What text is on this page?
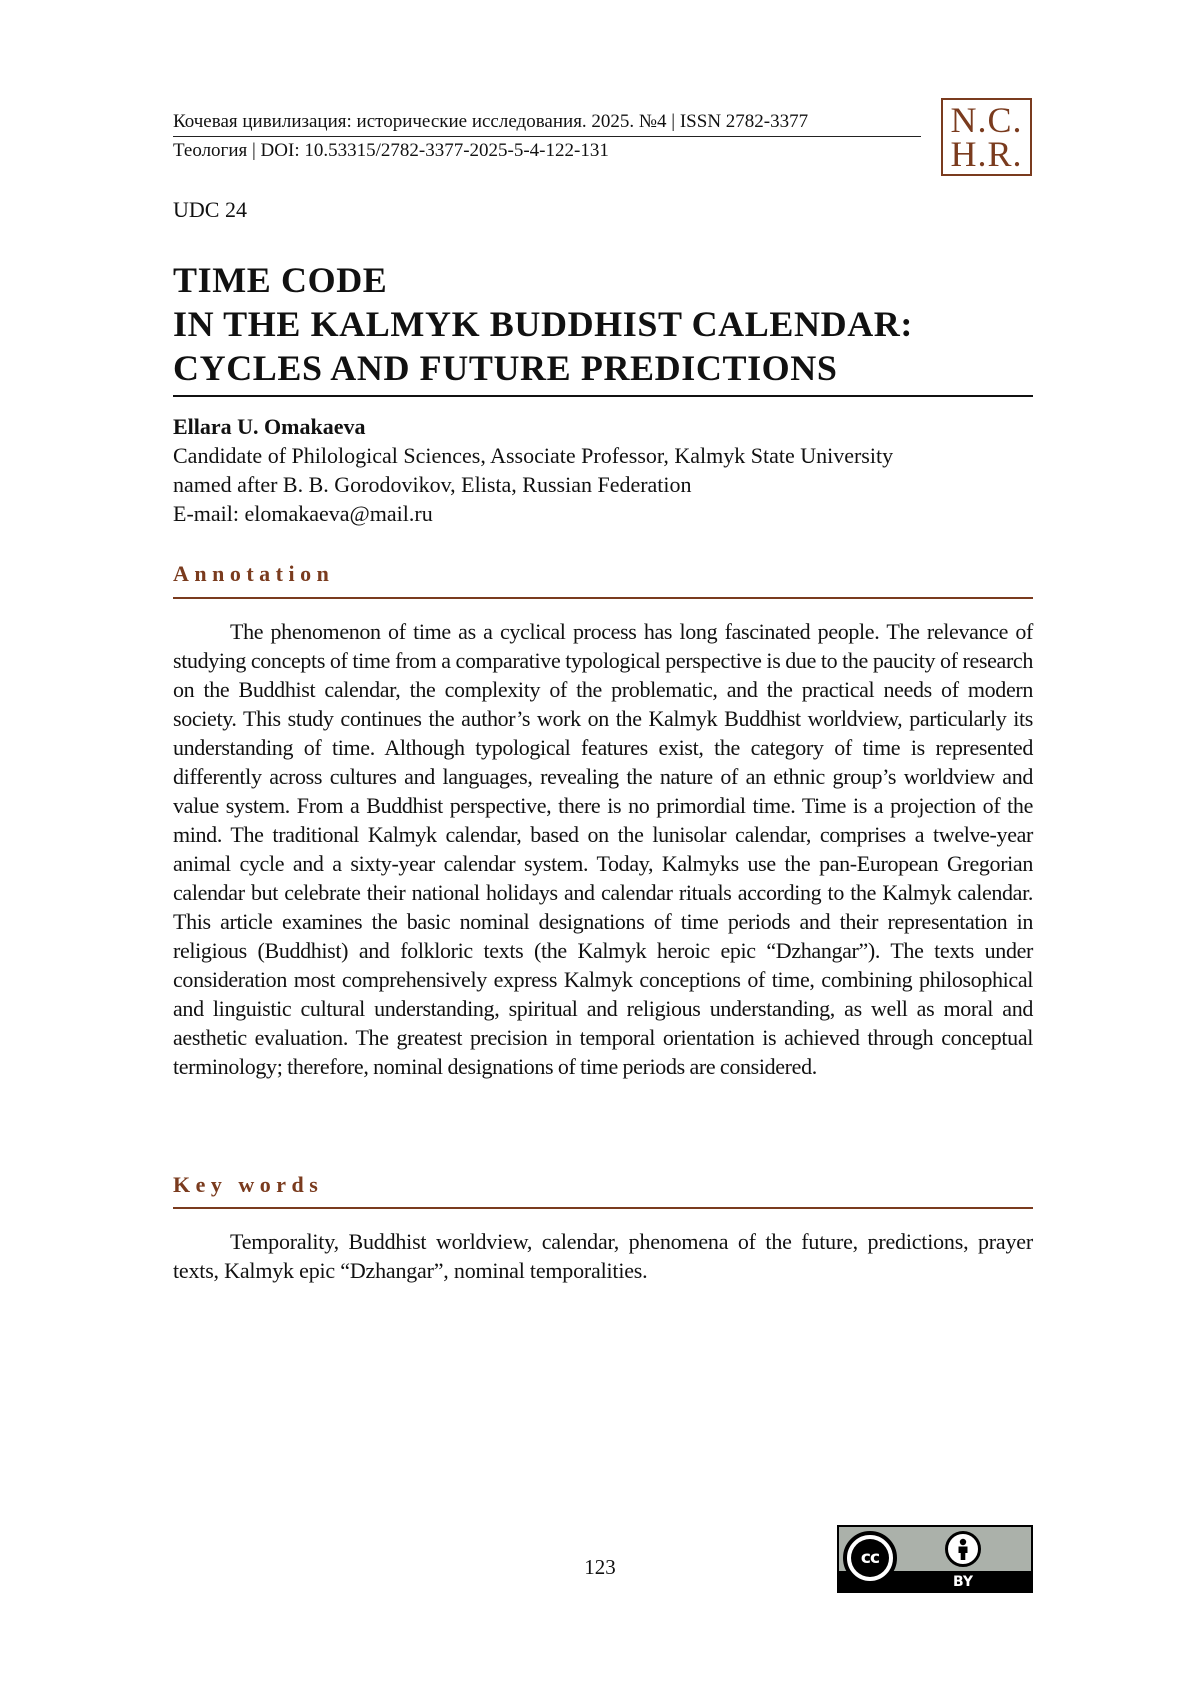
Кочевая цивилизация: исторические исследования. 2025. №4 | ISSN 2782-3377
Теология | DOI: 10.53315/2782-3377-2025-5-4-122-131
N.C.
H.R.
UDC 24
TIME CODE
IN THE KALMYK BUDDHIST CALENDAR:
CYCLES AND FUTURE PREDICTIONS
Ellara U. Omakaeva
Candidate of Philological Sciences, Associate Professor, Kalmyk State University
named after B. B. Gorodovikov, Elista, Russian Federation
E-mail: elomakaeva@mail.ru
Annotation
The phenomenon of time as a cyclical process has long fascinated people. The relevance of studying concepts of time from a comparative typological perspective is due to the paucity of research on the Buddhist calendar, the complexity of the problematic, and the practical needs of modern society. This study continues the author’s work on the Kalmyk Buddhist worldview, particularly its understanding of time. Although typological features exist, the category of time is represented differently across cultures and languages, revealing the nature of an ethnic group’s worldview and value system. From a Buddhist perspective, there is no primordial time. Time is a projection of the mind. The traditional Kalmyk calendar, based on the lunisolar calendar, comprises a twelve-year animal cycle and a sixty-year calendar system. Today, Kalmyks use the pan-European Gregorian calendar but celebrate their national holidays and calendar rituals according to the Kalmyk calendar. This article examines the basic nominal designations of time periods and their representation in religious (Buddhist) and folkloric texts (the Kalmyk heroic epic “Dzhangar”). The texts under consideration most comprehensively express Kalmyk conceptions of time, combining philosophical and linguistic cultural understanding, spiritual and religious understanding, as well as moral and aesthetic evaluation. The greatest precision in temporal orientation is achieved through conceptual terminology; therefore, nominal designations of time periods are considered.
Key words
Temporality, Buddhist worldview, calendar, phenomena of the future, predictions, prayer texts, Kalmyk epic “Dzhangar”, nominal temporalities.
123	cc
BY
